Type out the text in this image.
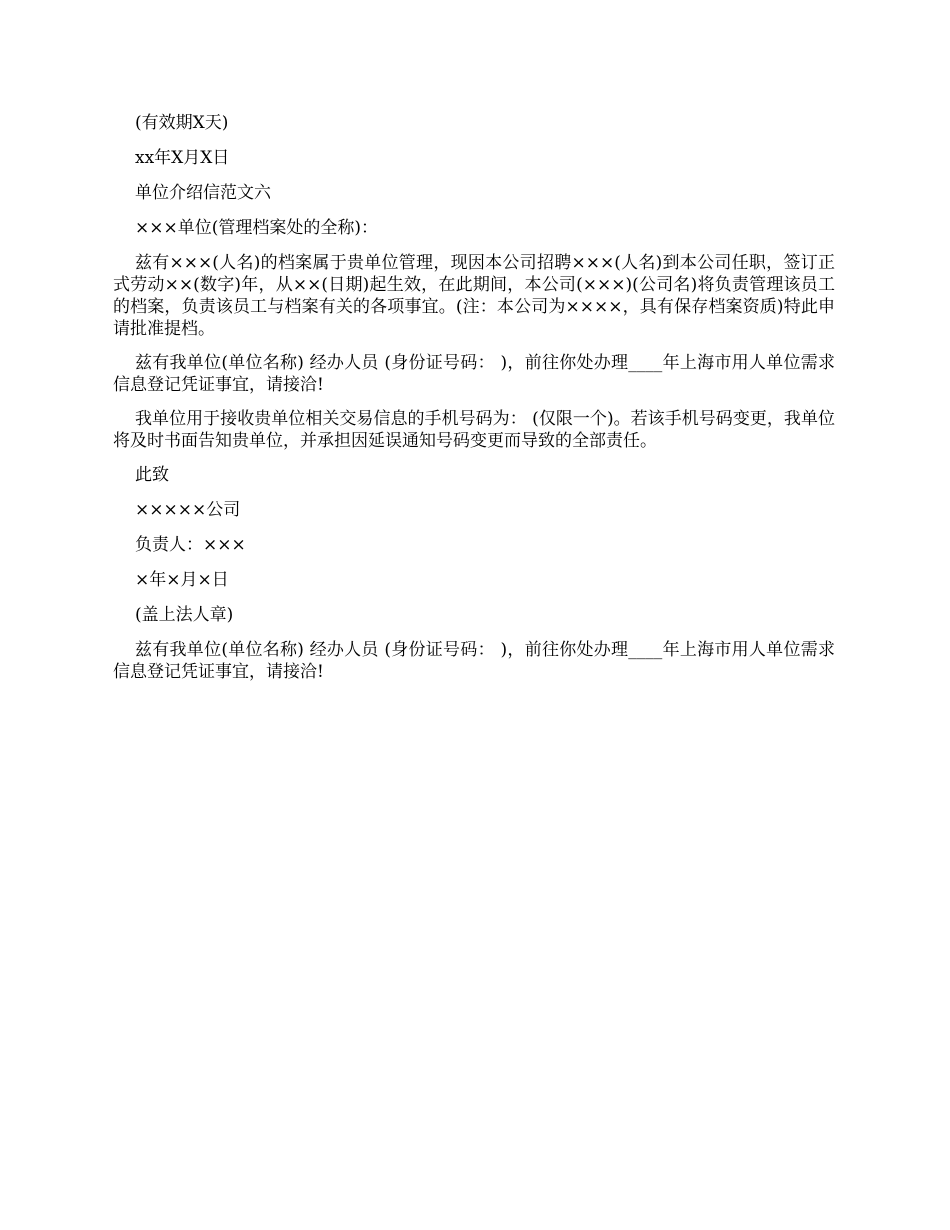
(有效期X天)

xx年X月X日

单位介绍信范文六

×××单位(管理档案处的全称)：

兹有×××(人名)的档案属于贵单位管理，现因本公司招聘×××(人名)到本公司任职，签订正式劳动××(数字)年，从××(日期)起生效，在此期间，本公司(×××)(公司名)将负责管理该员工的档案，负责该员工与档案有关的各项事宜。(注：本公司为××××，具有保存档案资质)特此申请批准提档。

兹有我单位(单位名称) 经办人员 (身份证号码： )，前往你处办理____年上海市用人单位需求信息登记凭证事宜，请接洽!

我单位用于接收贵单位相关交易信息的手机号码为： (仅限一个)。若该手机号码变更，我单位将及时书面告知贵单位，并承担因延误通知号码变更而导致的全部责任。

此致

×××××公司

负责人：×××

×年×月×日

(盖上法人章)

兹有我单位(单位名称) 经办人员 (身份证号码： )，前往你处办理____年上海市用人单位需求信息登记凭证事宜，请接洽!
